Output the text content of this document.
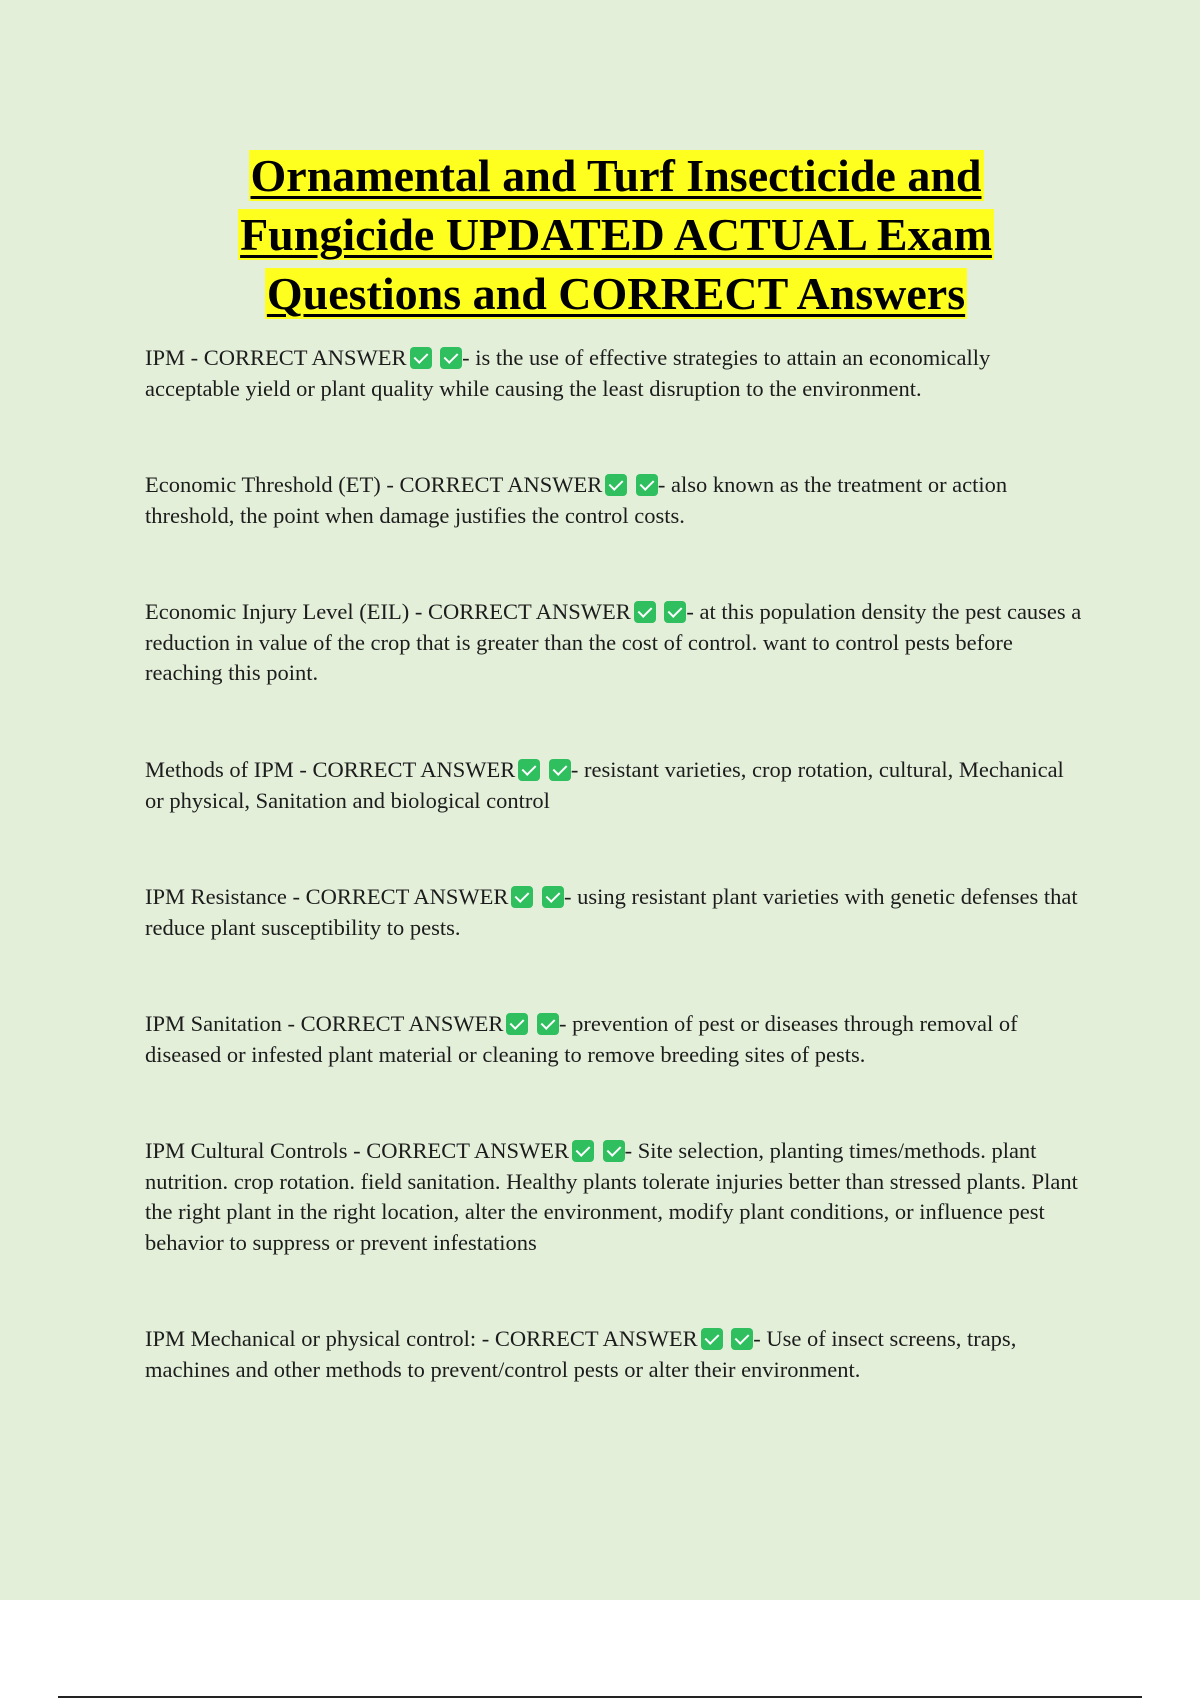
Ornamental and Turf Insecticide and
Fungicide UPDATED ACTUAL Exam
Questions and CORRECT Answers

IPM - CORRECT ANSWER - is the use of effective strategies to attain an economically acceptable yield or plant quality while causing the least disruption to the environment.

Economic Threshold (ET) - CORRECT ANSWER - also known as the treatment or action threshold, the point when damage justifies the control costs.

Economic Injury Level (EIL) - CORRECT ANSWER - at this population density the pest causes a reduction in value of the crop that is greater than the cost of control. want to control pests before reaching this point.

Methods of IPM - CORRECT ANSWER - resistant varieties, crop rotation, cultural, Mechanical or physical, Sanitation and biological control

IPM Resistance - CORRECT ANSWER - using resistant plant varieties with genetic defenses that reduce plant susceptibility to pests.

IPM Sanitation - CORRECT ANSWER - prevention of pest or diseases through removal of diseased or infested plant material or cleaning to remove breeding sites of pests.

IPM Cultural Controls - CORRECT ANSWER - Site selection, planting times/methods. plant nutrition. crop rotation. field sanitation. Healthy plants tolerate injuries better than stressed plants. Plant the right plant in the right location, alter the environment, modify plant conditions, or influence pest behavior to suppress or prevent infestations

IPM Mechanical or physical control: - CORRECT ANSWER - Use of insect screens, traps, machines and other methods to prevent/control pests or alter their environment.
